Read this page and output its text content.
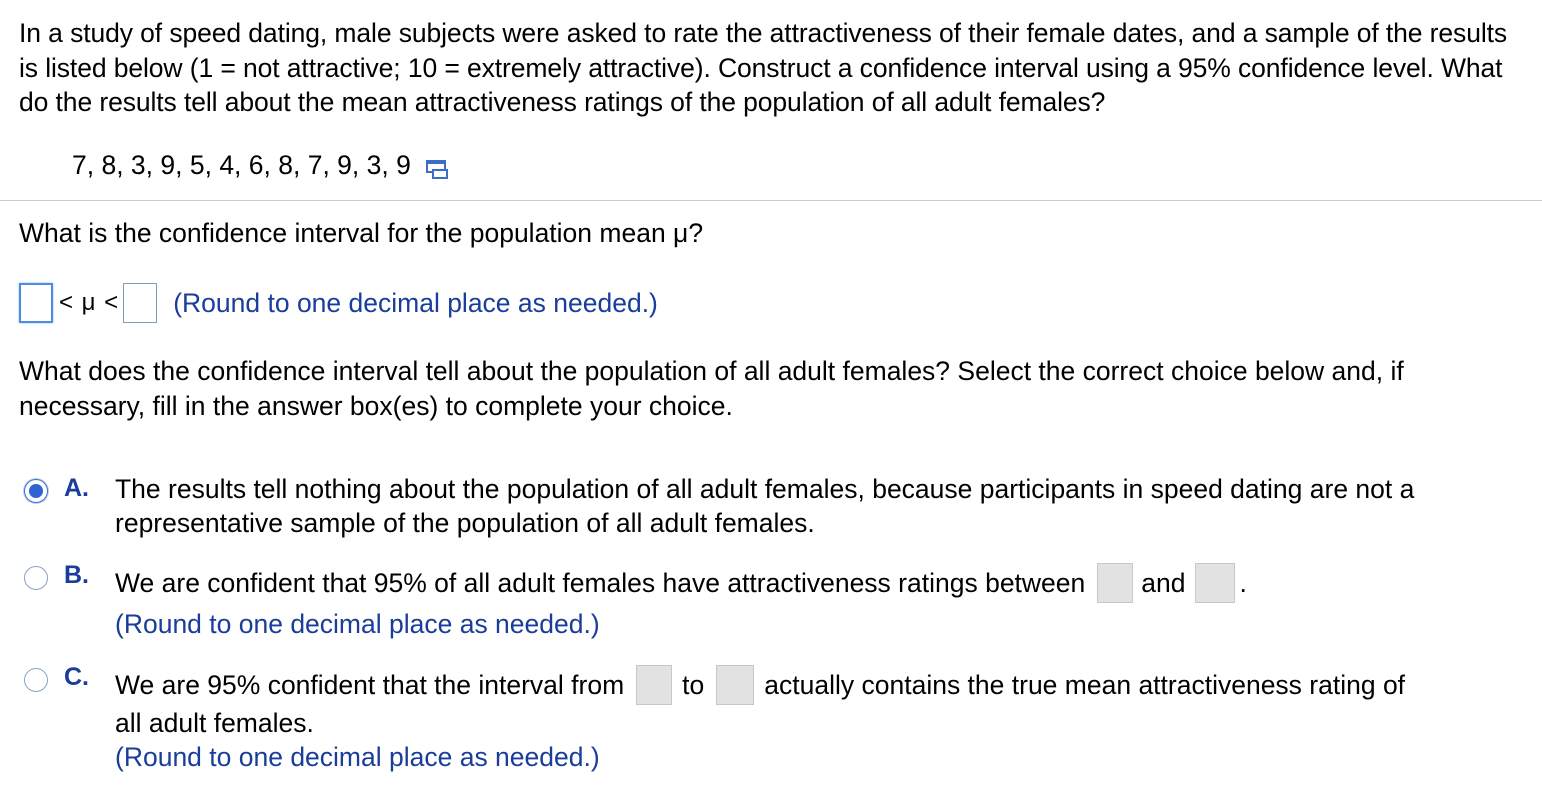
In a study of speed dating, male subjects were asked to rate the attractiveness of their female dates, and a sample of the results is listed below (1 = not attractive; 10 = extremely attractive). Construct a confidence interval using a 95% confidence level. What do the results tell about the mean attractiveness ratings of the population of all adult females?
7, 8, 3, 9, 5, 4, 6, 8, 7, 9, 3, 9
What is the confidence interval for the population mean μ?
< μ < (Round to one decimal place as needed.)
What does the confidence interval tell about the population of all adult females? Select the correct choice below and, if necessary, fill in the answer box(es) to complete your choice.
A. The results tell nothing about the population of all adult females, because participants in speed dating are not a representative sample of the population of all adult females.
B. We are confident that 95% of all adult females have attractiveness ratings between and .
(Round to one decimal place as needed.)
C. We are 95% confident that the interval from to actually contains the true mean attractiveness rating of
all adult females.
(Round to one decimal place as needed.)
